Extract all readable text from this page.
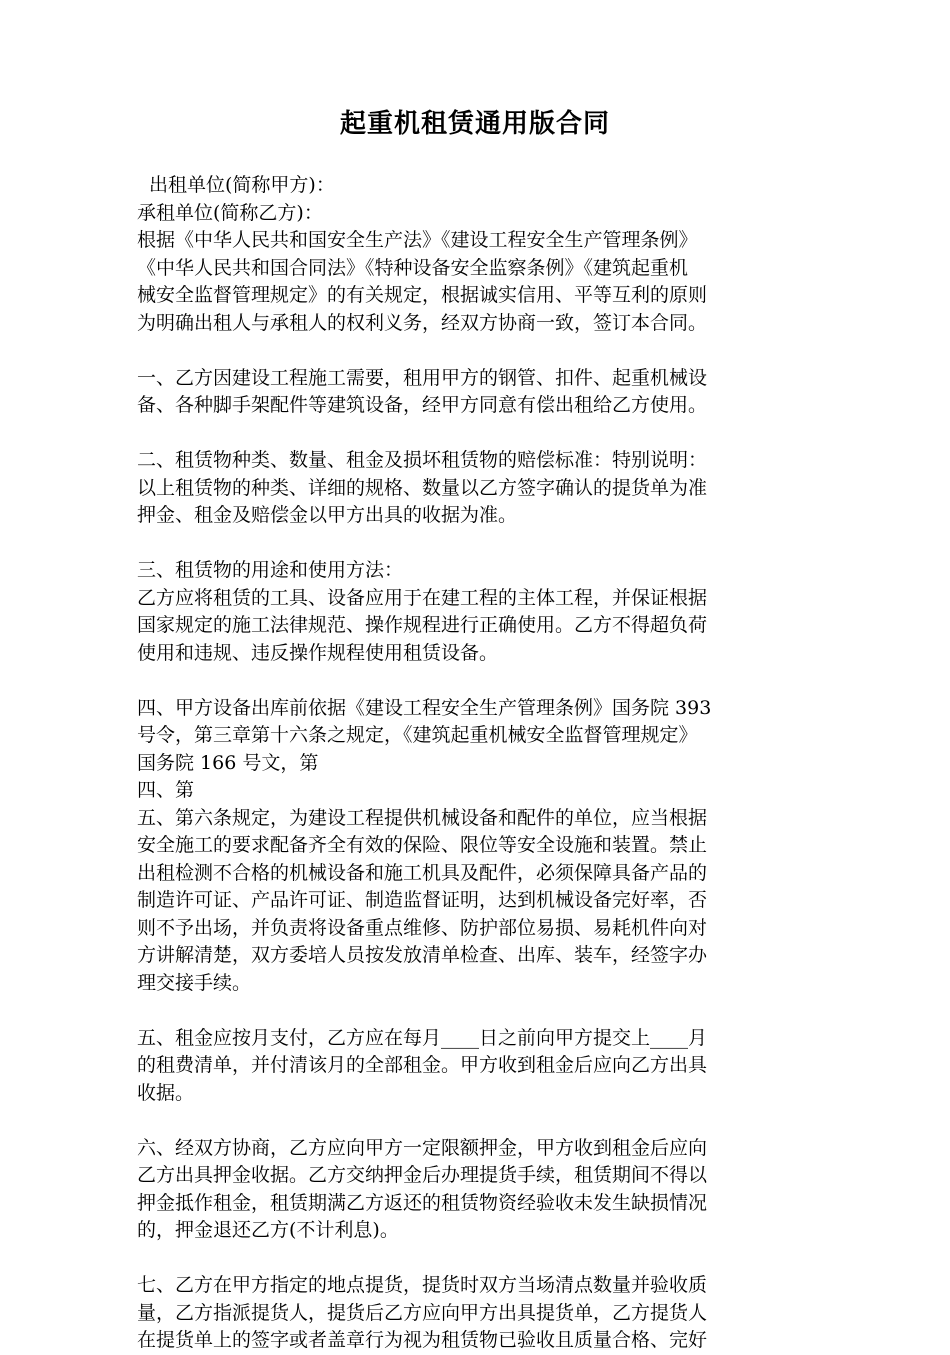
起重机租赁通用版合同
出租单位(简称甲方)：
承租单位(简称乙方)：
根据《中华人民共和国安全生产法》《建设工程安全生产管理条例》
《中华人民共和国合同法》《特种设备安全监察条例》《建筑起重机
械安全监督管理规定》的有关规定，根据诚实信用、平等互利的原则
为明确出租人与承租人的权利义务，经双方协商一致，签订本合同。
一、乙方因建设工程施工需要，租用甲方的钢管、扣件、起重机械设
备、各种脚手架配件等建筑设备，经甲方同意有偿出租给乙方使用。
二、租赁物种类、数量、租金及损坏租赁物的赔偿标准：特别说明：
以上租赁物的种类、详细的规格、数量以乙方签字确认的提货单为准
押金、租金及赔偿金以甲方出具的收据为准。
三、租赁物的用途和使用方法：
乙方应将租赁的工具、设备应用于在建工程的主体工程，并保证根据
国家规定的施工法律规范、操作规程进行正确使用。乙方不得超负荷
使用和违规、违反操作规程使用租赁设备。
四、甲方设备出库前依据《建设工程安全生产管理条例》国务院 393
号令，第三章第十六条之规定，《建筑起重机械安全监督管理规定》
国务院 166 号文，第
四、第
五、第六条规定，为建设工程提供机械设备和配件的单位，应当根据
安全施工的要求配备齐全有效的保险、限位等安全设施和装置。禁止
出租检测不合格的机械设备和施工机具及配件，必须保障具备产品的
制造许可证、产品许可证、制造监督证明，达到机械设备完好率，否
则不予出场，并负责将设备重点维修、防护部位易损、易耗机件向对
方讲解清楚，双方委培人员按发放清单检查、出库、装车，经签字办
理交接手续。
五、租金应按月支付，乙方应在每月____日之前向甲方提交上____月
的租费清单，并付清该月的全部租金。甲方收到租金后应向乙方出具
收据。
六、经双方协商，乙方应向甲方一定限额押金，甲方收到租金后应向
乙方出具押金收据。乙方交纳押金后办理提货手续，租赁期间不得以
押金抵作租金，租赁期满乙方返还的租赁物资经验收未发生缺损情况
的，押金退还乙方(不计利息)。
七、乙方在甲方指定的地点提货，提货时双方当场清点数量并验收质
量，乙方指派提货人，提货后乙方应向甲方出具提货单，乙方提货人
在提货单上的签字或者盖章行为视为租赁物已验收且质量合格、完好
